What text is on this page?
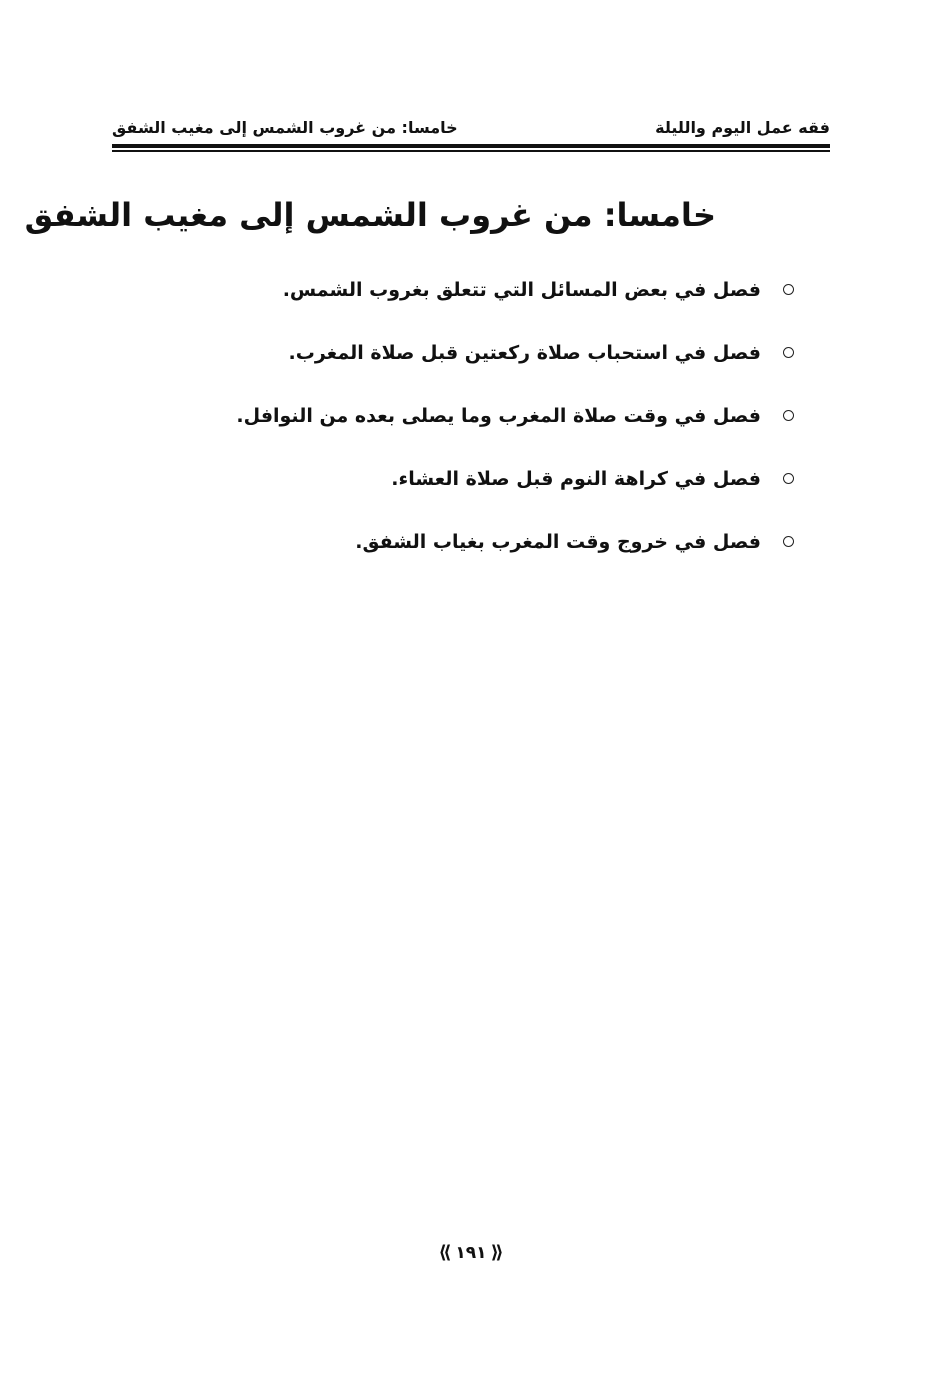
فقه عمل اليوم والليلة
خامسا: من غروب الشمس إلى مغيب الشفق
خامسا: من غروب الشمس إلى مغيب الشفق
فصل في بعض المسائل التي تتعلق بغروب الشمس.
فصل في استحباب صلاة ركعتين قبل صلاة المغرب.
فصل في وقت صلاة المغرب وما يصلى بعده من النوافل.
فصل في كراهة النوم قبل صلاة العشاء.
فصل في خروج وقت المغرب بغياب الشفق.
⟪ ١٩١ ⟫
